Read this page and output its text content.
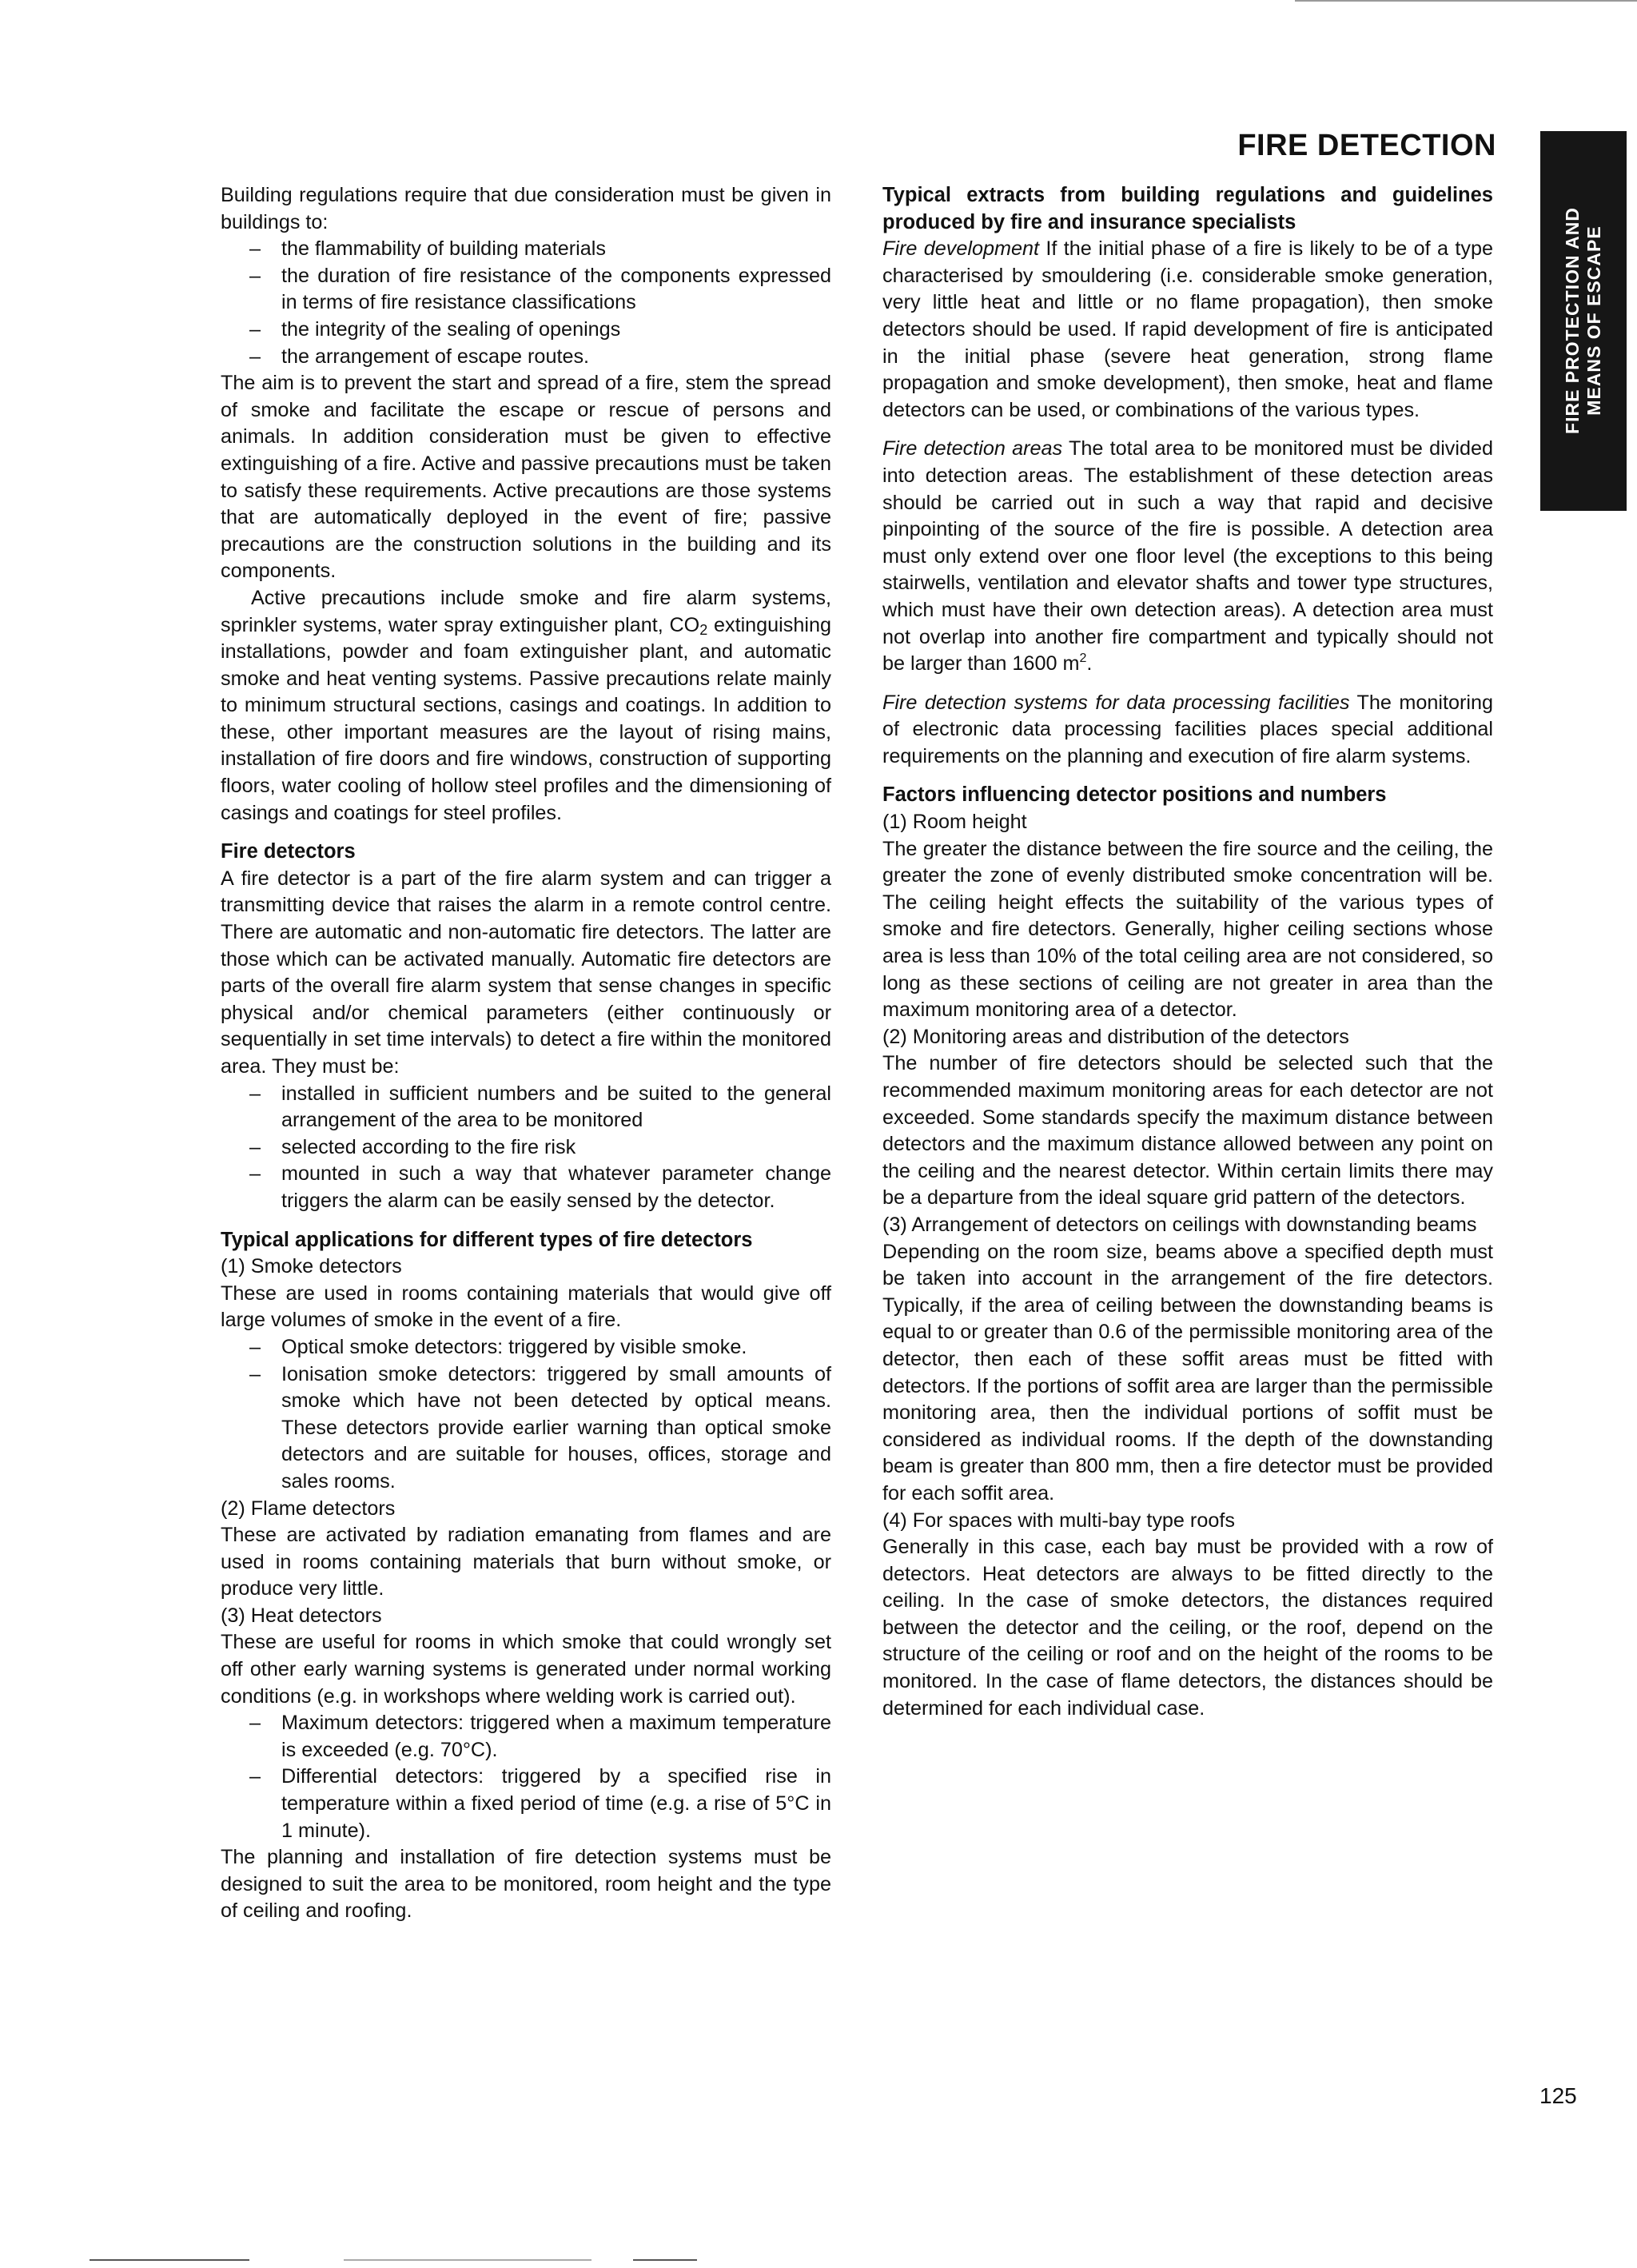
FIRE DETECTION
FIRE PROTECTION AND MEANS OF ESCAPE

Building regulations require that due consideration must be given in buildings to:

– the flammability of building materials
– the duration of fire resistance of the components expressed in terms of fire resistance classifications
– the integrity of the sealing of openings
– the arrangement of escape routes.

The aim is to prevent the start and spread of a fire, stem the spread of smoke and facilitate the escape or rescue of persons and animals. In addition consideration must be given to effective extinguishing of a fire. Active and passive precautions must be taken to satisfy these requirements. Active precautions are those systems that are automatically deployed in the event of fire; passive precautions are the construction solutions in the building and its components.

Active precautions include smoke and fire alarm systems, sprinkler systems, water spray extinguisher plant, $CO_2$ extinguishing installations, powder and foam extinguisher plant, and automatic smoke and heat venting systems. Passive precautions relate mainly to minimum structural sections, casings and coatings. In addition to these, other important measures are the layout of rising mains, installation of fire doors and fire windows, construction of supporting floors, water cooling of hollow steel profiles and the dimensioning of casings and coatings for steel profiles.

Fire detectors

A fire detector is a part of the fire alarm system and can trigger a transmitting device that raises the alarm in a remote control centre. There are automatic and non-automatic fire detectors. The latter are those which can be activated manually. Automatic fire detectors are parts of the overall fire alarm system that sense changes in specific physical and/or chemical parameters (either continuously or sequentially in set time intervals) to detect a fire within the monitored area. They must be:

– installed in sufficient numbers and be suited to the general arrangement of the area to be monitored
– selected according to the fire risk
– mounted in such a way that whatever parameter change triggers the alarm can be easily sensed by the detector.
Typical applications for different types of fire detectors

(1) Smoke detectors

These are used in rooms containing materials that would give off large volumes of smoke in the event of a fire.

– Optical smoke detectors: triggered by visible smoke.
– Ionisation smoke detectors: triggered by small amounts of smoke which have not been detected by optical means. These detectors provide earlier warning than optical smoke detectors and are suitable for houses, offices, storage and sales rooms.

(2) Flame detectors

These are activated by radiation emanating from flames and are used in rooms containing materials that burn without smoke, or produce very little.

(3) Heat detectors

These are useful for rooms in which smoke that could wrongly set off other early warning systems is generated under normal working conditions (e.g. in workshops where welding work is carried out).

– Maximum detectors: triggered when a maximum temperature is exceeded (e.g. 70°C).
– Differential detectors: triggered by a specified rise in temperature within a fixed period of time (e.g. a rise of 5°C in 1 minute).

The planning and installation of fire detection systems must be designed to suit the area to be monitored, room height and the type of ceiling and roofing.

Typical extracts from building regulations and guidelines produced by fire and insurance specialists

Fire development If the initial phase of a fire is likely to be of a type characterised by smouldering (i.e. considerable smoke generation, very little heat and little or no flame propagation), then smoke detectors should be used. If rapid development of fire is anticipated in the initial phase (severe heat generation, strong flame propagation and smoke development), then smoke, heat and flame detectors can be used, or combinations of the various types.

Fire detection areas The total area to be monitored must be divided into detection areas. The establishment of these detection areas should be carried out in such a way that rapid and decisive pinpointing of the source of the fire is possible. A detection area must only extend over one floor level (the exceptions to this being stairwells, ventilation and elevator shafts and tower type structures, which must have their own detection areas). A detection area must not overlap into another fire compartment and typically should not be larger than 1600 $m^2$.

Fire detection systems for data processing facilities The monitoring of electronic data processing facilities places special additional requirements on the planning and execution of fire alarm systems.

Factors influencing detector positions and numbers

(1) Room height

The greater the distance between the fire source and the ceiling, the greater the zone of evenly distributed smoke concentration will be. The ceiling height effects the suitability of the various types of smoke and fire detectors. Generally, higher ceiling sections whose area is less than 10% of the total ceiling area are not considered, so long as these sections of ceiling are not greater in area than the maximum monitoring area of a detector.

(2) Monitoring areas and distribution of the detectors

The number of fire detectors should be selected such that the recommended maximum monitoring areas for each detector are not exceeded. Some standards specify the maximum distance between detectors and the maximum distance allowed between any point on the ceiling and the nearest detector. Within certain limits there may be a departure from the ideal square grid pattern of the detectors.

(3) Arrangement of detectors on ceilings with downstanding beams

Depending on the room size, beams above a specified depth must be taken into account in the arrangement of the fire detectors. Typically, if the area of ceiling between the downstanding beams is equal to or greater than 0.6 of the permissible monitoring area of the detector, then each of these soffit areas must be fitted with detectors. If the portions of soffit area are larger than the permissible monitoring area, then the individual portions of soffit must be considered as individual rooms. If the depth of the downstanding beam is greater than 800 mm, then a fire detector must be provided for each soffit area.

(4) For spaces with multi-bay type roofs

Generally in this case, each bay must be provided with a row of detectors. Heat detectors are always to be fitted directly to the ceiling. In the case of smoke detectors, the distances required between the detector and the ceiling, or the roof, depend on the structure of the ceiling or roof and on the height of the rooms to be monitored. In the case of flame detectors, the distances should be determined for each individual case.

125
